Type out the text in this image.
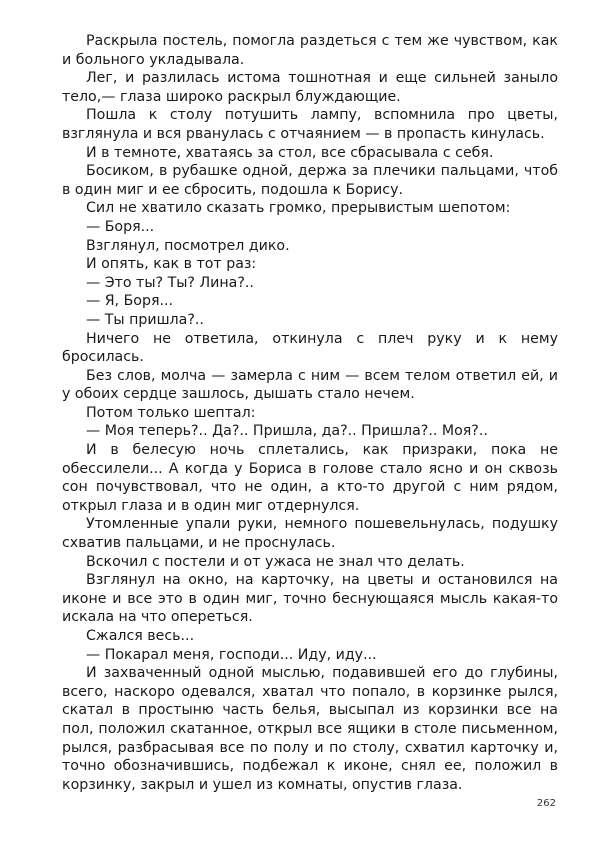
Раскрыла постель, помогла раздеться с тем же чувством, как и больного укладывала.

Лег, и разлилась истома тошнотная и еще сильней заныло тело,— глаза широко раскрыл блуждающие.

Пошла к столу потушить лампу, вспомнила про цветы, взглянула и вся рванулась с отчаянием — в пропасть кинулась.

И в темноте, хватаясь за стол, все сбрасывала с себя.

Босиком, в рубашке одной, держа за плечики пальцами, чтоб в один миг и ее сбросить, подошла к Борису.

Сил не хватило сказать громко, прерывистым шепотом:

— Боря...

Взглянул, посмотрел дико.

И опять, как в тот раз:

— Это ты? Ты? Лина?..

— Я, Боря...

— Ты пришла?..

Ничего не ответила, откинула с плеч руку и к нему бросилась.

Без слов, молча — замерла с ним — всем телом ответил ей, и у обоих сердце зашлось, дышать стало нечем.

Потом только шептал:

— Моя теперь?.. Да?.. Пришла, да?.. Пришла?.. Моя?..

И в белесую ночь сплетались, как призраки, пока не обессилели... А когда у Бориса в голове стало ясно и он сквозь сон почувствовал, что не один, а кто-то другой с ним рядом, открыл глаза и в один миг отдернулся.

Утомленные упали руки, немного пошевельнулась, подушку схватив пальцами, и не проснулась.

Вскочил с постели и от ужаса не знал что делать.

Взглянул на окно, на карточку, на цветы и остановился на иконе и все это в один миг, точно беснующаяся мысль какая-то искала на что опереться.

Сжался весь...

— Покарал меня, господи... Иду, иду...

И захваченный одной мыслью, подавившей его до глубины, всего, наскоро одевался, хватал что попало, в корзинке рылся, скатал в простыню часть белья, высыпал из корзинки все на пол, положил скатанное, открыл все ящики в столе письменном, рылся, разбрасывая все по полу и по столу, схватил карточку и, точно обозначившись, подбежал к иконе, снял ее, положил в корзинку, закрыл и ушел из комнаты, опустив глаза.

262
